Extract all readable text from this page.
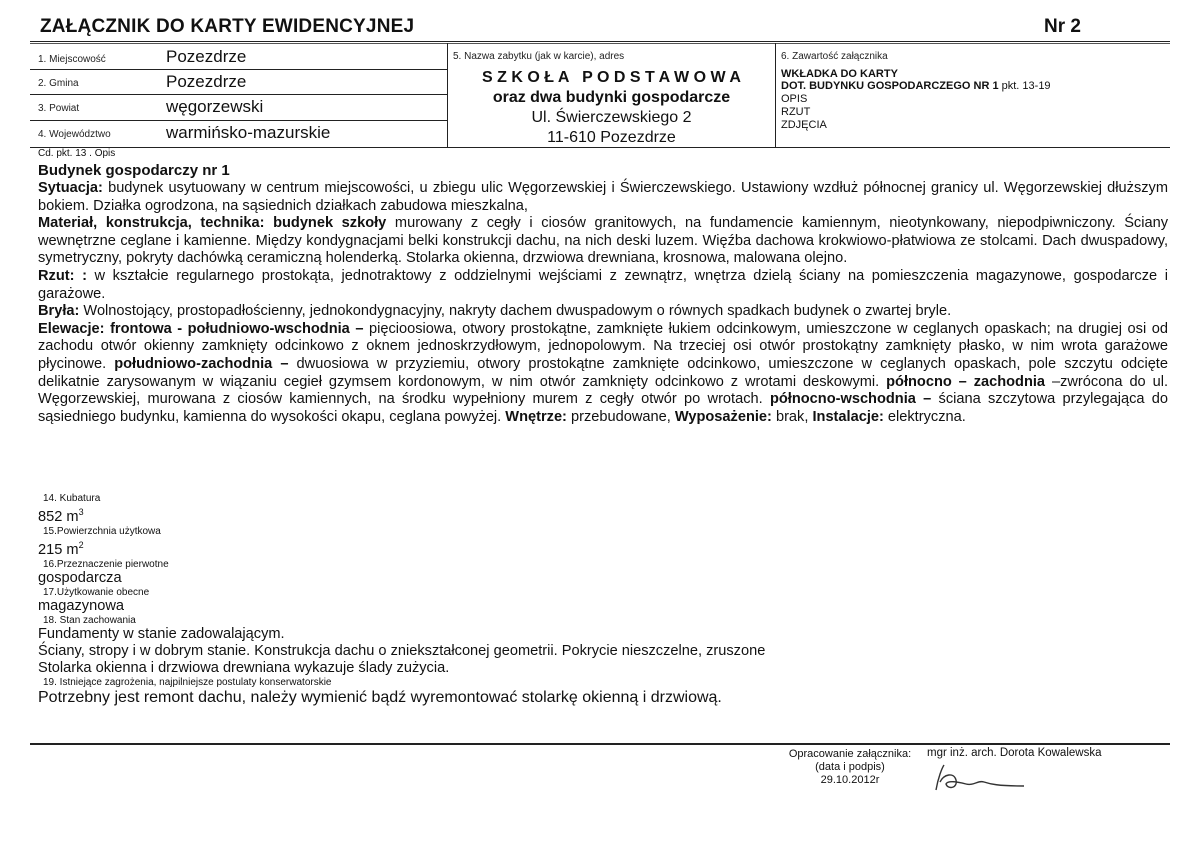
ZAŁĄCZNIK DO KARTY EWIDENCYJNEJ	Nr 2
1. Miejscowość	Pozezdrze
2. Gmina	Pozezdrze
3. Powiat	węgorzewski
4. Województwo	warmińsko-mazurskie
5. Nazwa zabytku (jak w karcie), adres
S Z K O Ł A   P O D S T A W O W A
oraz dwa budynki gospodarcze
Ul. Świerczewskiego 2
11-610 Pozezdrze
6. Zawartość załącznika
WKŁADKA DO KARTY
DOT. BUDYNKU GOSPODARCZEGO NR 1 pkt. 13-19
OPIS
RZUT
ZDJĘCIA
Cd. pkt. 13 . Opis
Budynek gospodarczy nr 1

Sytuacja: budynek usytuowany w centrum miejscowości, u zbiegu ulic Węgorzewskiej i Świerczewskiego. Ustawiony wzdłuż północnej granicy ul. Węgorzewskiej dłuższym bokiem. Działka ogrodzona, na sąsiednich działkach zabudowa mieszkalna,

Materiał, konstrukcja, technika: budynek szkoły murowany z cegły i ciosów granitowych, na fundamencie kamiennym, nieotynkowany, niepodpiwniczony. Ściany wewnętrzne ceglane i kamienne. Między kondygnacjami belki konstrukcji dachu, na nich deski luzem. Więźba dachowa krokwiowo-płatwiowa ze stolcami. Dach dwuspadowy, symetryczny, pokryty dachówką ceramiczną holenderką. Stolarka okienna, drzwiowa drewniana, krosnowa, malowana olejno.

Rzut: : w kształcie regularnego prostokąta, jednotraktowy z oddzielnymi wejściami z zewnątrz, wnętrza dzielą ściany na pomieszczenia magazynowe, gospodarcze i garażowe.

Bryła: Wolnostojący, prostopadłościenny, jednokondygnacyjny, nakryty dachem dwuspadowym o równych spadkach budynek o zwartej bryle.

Elewacje: frontowa - południowo-wschodnia – pięcioosiowa, otwory prostokątne, zamknięte łukiem odcinkowym, umieszczone w ceglanych opaskach; na drugiej osi od zachodu otwór okienny zamknięty odcinkowo z oknem jednoskrzydłowym, jednopolowym. Na trzeciej osi otwór prostokątny zamknięty płasko, w nim wrota garażowe płycinowe. południowo-zachodnia – dwuosiowa w przyziemiu, otwory prostokątne zamknięte odcinkowo, umieszczone w ceglanych opaskach, pole szczytu odcięte delikatnie zarysowanym w wiązaniu cegieł gzymsem kordonowym, w nim otwór zamknięty odcinkowo z wrotami deskowymi. północno – zachodnia –zwrócona do ul. Węgorzewskiej, murowana z ciosów kamiennych, na środku wypełniony murem z cegły otwór po wrotach. północno-wschodnia – ściana szczytowa przylegająca do sąsiedniego budynku, kamienna do wysokości okapu, ceglana powyżej. Wnętrze: przebudowane, Wyposażenie: brak, Instalacje: elektryczna.

14. Kubatura
852 $m^3$
15.Powierzchnia użytkowa
215 $m^2$
16.Przeznaczenie pierwotne
gospodarcza
17.Użytkowanie obecne
magazynowa
18. Stan zachowania
Fundamenty w stanie zadowalającym.
Ściany, stropy i w dobrym stanie. Konstrukcja dachu o zniekształconej geometrii. Pokrycie nieszczelne, zruszone
Stolarka okienna i drzwiowa drewniana wykazuje ślady zużycia.
19. Istniejące zagrożenia, najpilniejsze postulaty konserwatorskie
Potrzebny jest remont dachu, należy wymienić bądź wyremontować stolarkę okienną i drzwiową.
Opracowanie załącznika:
(data i podpis)
29.10.2012r
mgr inż. arch. Dorota Kowalewska
